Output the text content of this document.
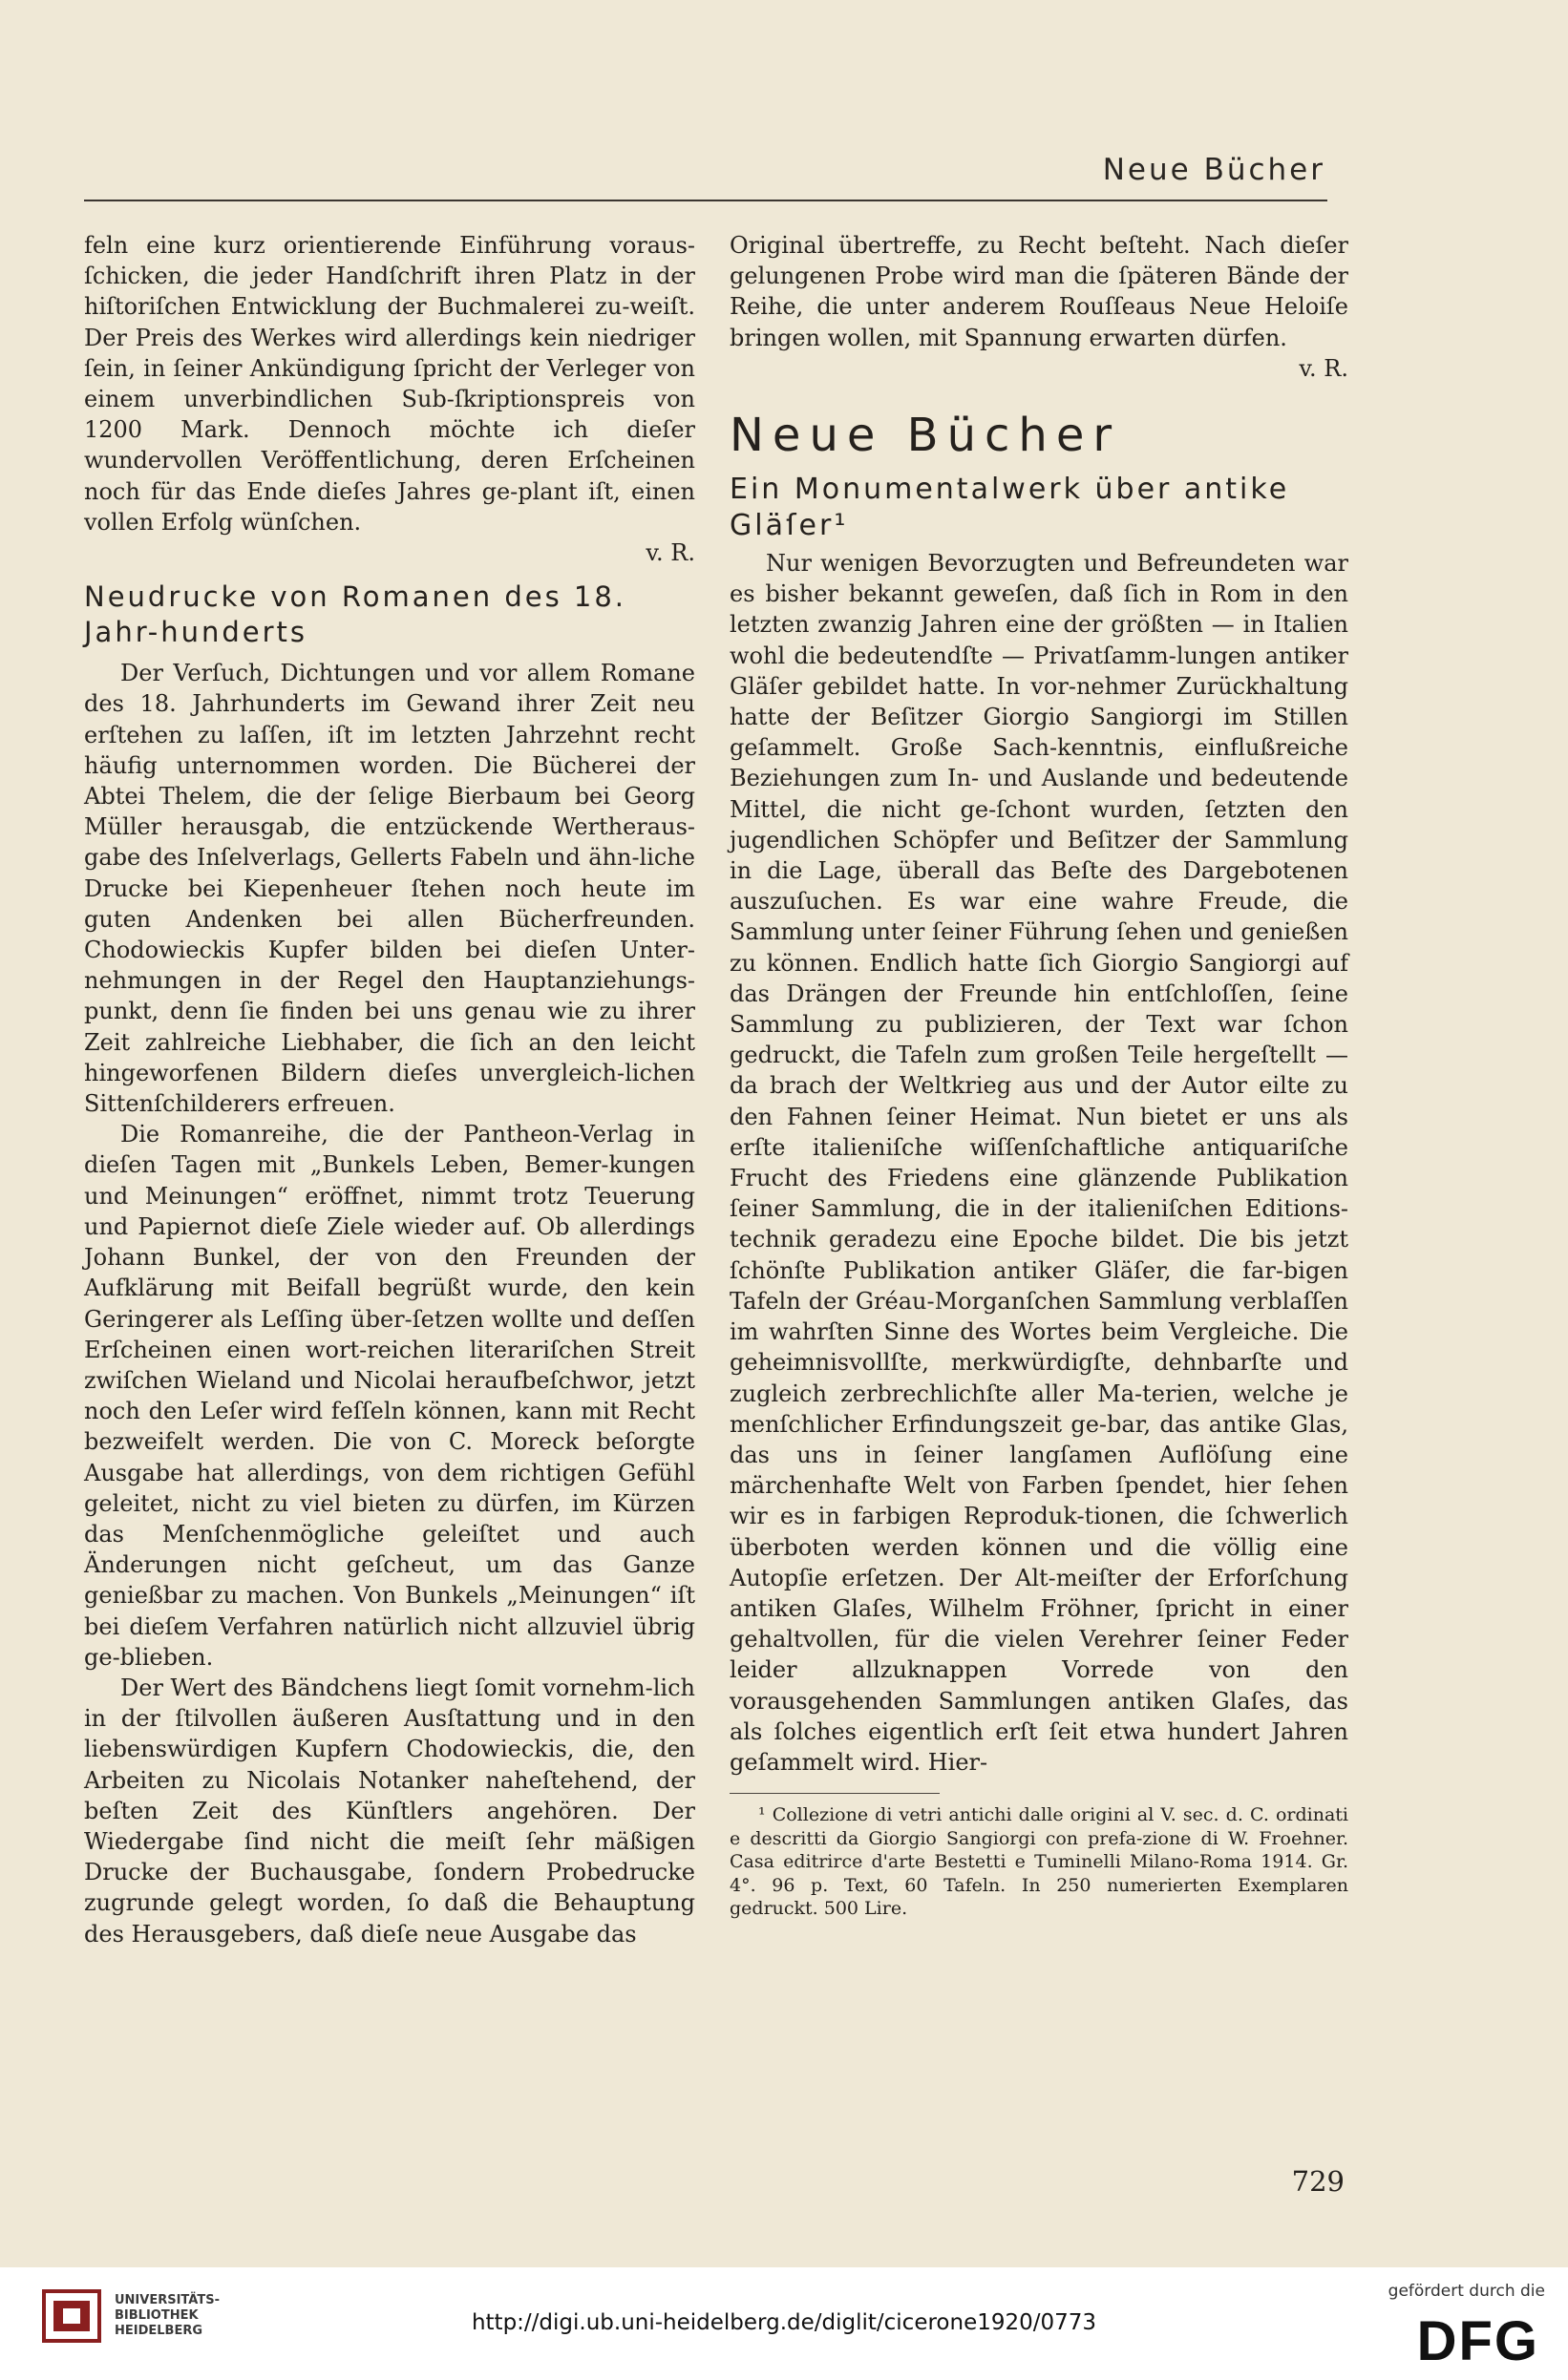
Neue Bücher

feln eine kurz orientierende Einführung voraus-ſchicken, die jeder Handſchrift ihren Platz in der hiſtoriſchen Entwicklung der Buchmalerei zu-weiſt. Der Preis des Werkes wird allerdings kein niedriger ſein, in ſeiner Ankündigung ſpricht der Verleger von einem unverbindlichen Sub-ſkriptionspreis von 1200 Mark. Dennoch möchte ich dieſer wundervollen Veröffentlichung, deren Erſcheinen noch für das Ende dieſes Jahres ge-plant iſt, einen vollen Erfolg wünſchen.

v. R.

Neudrucke von Romanen des 18. Jahr-hunderts

Der Verſuch, Dichtungen und vor allem Romane des 18. Jahrhunderts im Gewand ihrer Zeit neu erſtehen zu laſſen, iſt im letzten Jahrzehnt recht häufig unternommen worden. Die Bücherei der Abtei Thelem, die der ſelige Bierbaum bei Georg Müller herausgab, die entzückende Wertheraus-gabe des Inſelverlags, Gellerts Fabeln und ähn-liche Drucke bei Kiepenheuer ſtehen noch heute im guten Andenken bei allen Bücherfreunden. Chodowieckis Kupfer bilden bei dieſen Unter-nehmungen in der Regel den Hauptanziehungs-punkt, denn ſie finden bei uns genau wie zu ihrer Zeit zahlreiche Liebhaber, die ſich an den leicht hingeworfenen Bildern dieſes unvergleich-lichen Sittenſchilderers erfreuen.

Die Romanreihe, die der Pantheon-Verlag in dieſen Tagen mit „Bunkels Leben, Bemer-kungen und Meinungen“ eröffnet, nimmt trotz Teuerung und Papiernot dieſe Ziele wieder auf. Ob allerdings Johann Bunkel, der von den Freunden der Aufklärung mit Beifall begrüßt wurde, den kein Geringerer als Leſſing über-ſetzen wollte und deſſen Erſcheinen einen wort-reichen literariſchen Streit zwiſchen Wieland und Nicolai heraufbeſchwor, jetzt noch den Leſer wird feſſeln können, kann mit Recht bezweifelt werden. Die von C. Moreck beſorgte Ausgabe hat allerdings, von dem richtigen Gefühl geleitet, nicht zu viel bieten zu dürfen, im Kürzen das Menſchenmögliche geleiſtet und auch Änderungen nicht geſcheut, um das Ganze genießbar zu machen. Von Bunkels „Meinungen“ iſt bei dieſem Verfahren natürlich nicht allzuviel übrig ge-blieben.

Der Wert des Bändchens liegt ſomit vornehm-lich in der ſtilvollen äußeren Ausſtattung und in den liebenswürdigen Kupfern Chodowieckis, die, den Arbeiten zu Nicolais Notanker naheſtehend, der beſten Zeit des Künſtlers angehören. Der Wiedergabe ſind nicht die meiſt ſehr mäßigen Drucke der Buchausgabe, ſondern Probedrucke zugrunde gelegt worden, ſo daß die Behauptung des Herausgebers, daß dieſe neue Ausgabe das

Original übertreffe, zu Recht beſteht. Nach dieſer gelungenen Probe wird man die ſpäteren Bände der Reihe, die unter anderem Rouſſeaus Neue Heloiſe bringen wollen, mit Spannung erwarten dürfen.

v. R.

Neue Bücher
Ein Monumentalwerk über antike Gläſer¹

Nur wenigen Bevorzugten und Befreundeten war es bisher bekannt geweſen, daß ſich in Rom in den letzten zwanzig Jahren eine der größten — in Italien wohl die bedeutendſte — Privatſamm-lungen antiker Gläſer gebildet hatte. In vor-nehmer Zurückhaltung hatte der Beſitzer Giorgio Sangiorgi im Stillen geſammelt. Große Sach-kenntnis, einflußreiche Beziehungen zum In- und Auslande und bedeutende Mittel, die nicht ge-ſchont wurden, ſetzten den jugendlichen Schöpfer und Beſitzer der Sammlung in die Lage, überall das Beſte des Dargebotenen auszuſuchen. Es war eine wahre Freude, die Sammlung unter ſeiner Führung ſehen und genießen zu können. Endlich hatte ſich Giorgio Sangiorgi auf das Drängen der Freunde hin entſchloſſen, ſeine Sammlung zu publizieren, der Text war ſchon gedruckt, die Tafeln zum großen Teile hergeſtellt — da brach der Weltkrieg aus und der Autor eilte zu den Fahnen ſeiner Heimat. Nun bietet er uns als erſte italieniſche wiſſenſchaftliche antiquariſche Frucht des Friedens eine glänzende Publikation ſeiner Sammlung, die in der italieniſchen Editions-technik geradezu eine Epoche bildet. Die bis jetzt ſchönſte Publikation antiker Gläſer, die far-bigen Tafeln der Gréau-Morganſchen Sammlung verblaſſen im wahrſten Sinne des Wortes beim Vergleiche. Die geheimnisvollſte, merkwürdigſte, dehnbarſte und zugleich zerbrechlichſte aller Ma-terien, welche je menſchlicher Erfindungszeit ge-bar, das antike Glas, das uns in ſeiner langſamen Auflöſung eine märchenhafte Welt von Farben ſpendet, hier ſehen wir es in farbigen Reproduk-tionen, die ſchwerlich überboten werden können und die völlig eine Autopſie erſetzen. Der Alt-meiſter der Erforſchung antiken Glaſes, Wilhelm Fröhner, ſpricht in einer gehaltvollen, für die vielen Verehrer ſeiner Feder leider allzuknappen Vorrede von den vorausgehenden Sammlungen antiken Glaſes, das als ſolches eigentlich erſt ſeit etwa hundert Jahren geſammelt wird. Hier-

¹ Collezione di vetri antichi dalle origini al V. sec. d. C. ordinati e descritti da Giorgio Sangiorgi con prefa-zione di W. Froehner. Casa editrirce d'arte Bestetti e Tuminelli Milano-Roma 1914. Gr. 4°. 96 p. Text, 60 Tafeln. In 250 numerierten Exemplaren gedruckt. 500 Lire.

729
UNIVERSITÄTS-
BIBLIOTHEK
HEIDELBERG	http://digi.ub.uni-heidelberg.de/diglit/cicerone1920/0773
gefördert durch die
DFG
